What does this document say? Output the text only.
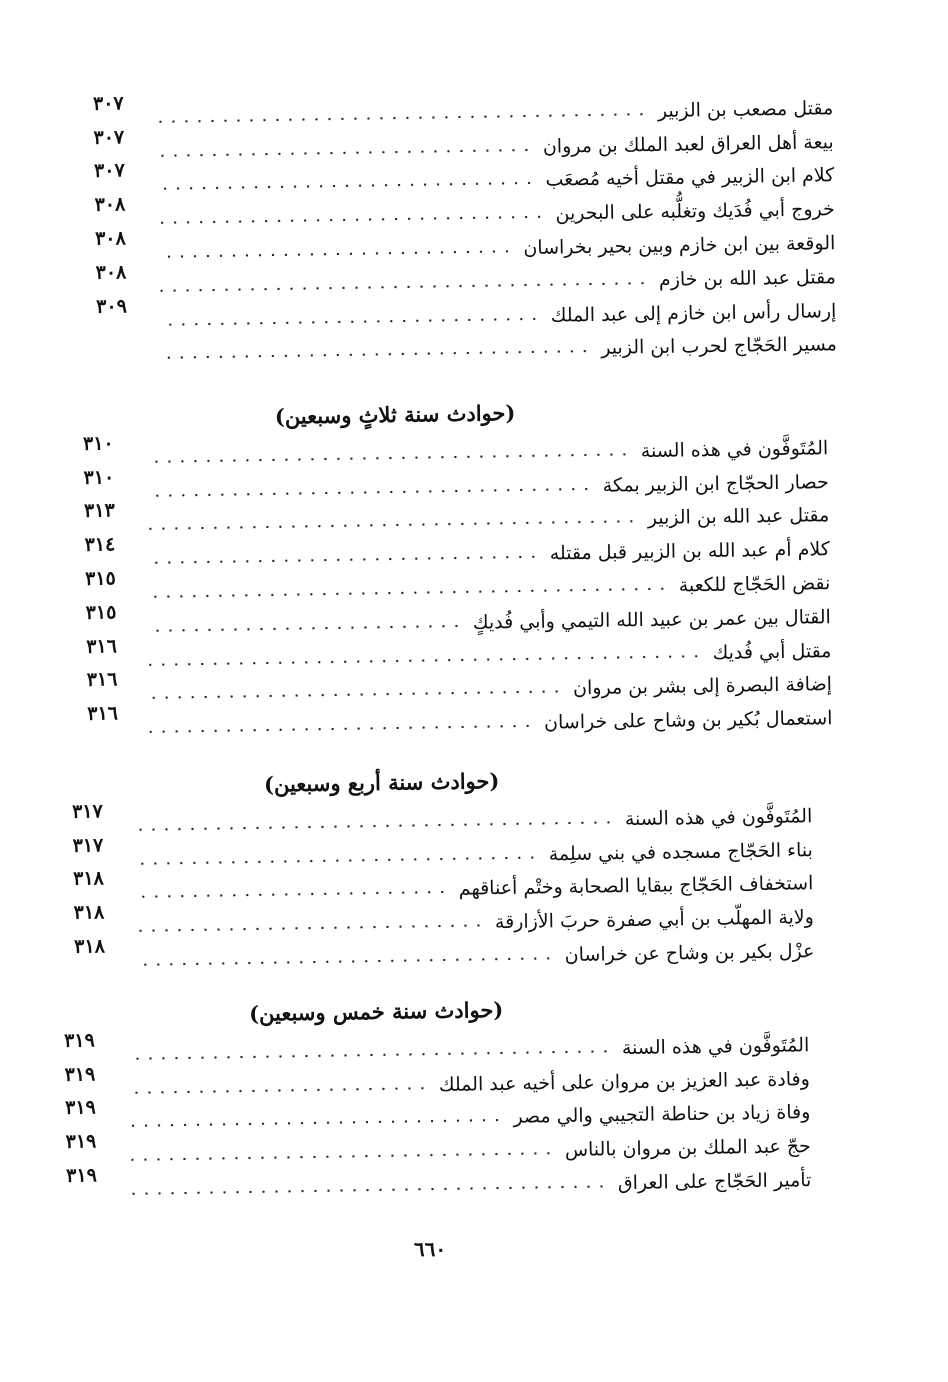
مقتل مصعب بن الزبير
٣٠٧
بيعة أهل العراق لعبد الملك بن مروان
٣٠٧
كلام ابن الزبير في مقتل أخيه مُصعَب
٣٠٧
خروج أبي فُدَيك وتغلُّبه على البحرين
٣٠٨
الوقعة بين ابن خازم وبين بحير بخراسان
٣٠٨
مقتل عبد الله بن خازم
٣٠٨
إرسال رأس ابن خازم إلى عبد الملك
٣٠٩
مسير الحَجّاج لحرب ابن الزبير
(حوادث سنة ثلاثٍ وسبعين)
المُتَوفَّون في هذه السنة
٣١٠
حصار الحجّاج ابن الزبير بمكة
٣١٠
مقتل عبد الله بن الزبير
٣١٣
كلام أم عبد الله بن الزبير قبل مقتله
٣١٤
نقض الحَجّاج للكعبة
٣١٥
القتال بين عمر بن عبيد الله التيمي وأبي فُديكٍ
٣١٥
مقتل أبي فُديك
٣١٦
إضافة البصرة إلى بشر بن مروان
٣١٦
استعمال بُكير بن وشاح على خراسان
٣١٦
(حوادث سنة أربع وسبعين)
المُتَوفَّون في هذه السنة
٣١٧
بناء الحَجّاج مسجده في بني سلِمة
٣١٧
استخفاف الحَجّاج ببقايا الصحابة وختْم أعناقهم
٣١٨
ولاية المهلّب بن أبي صفرة حربَ الأزارقة
٣١٨
عزْل بكير بن وشاح عن خراسان
٣١٨
(حوادث سنة خمس وسبعين)
المُتَوفَّون في هذه السنة
٣١٩
وفادة عبد العزيز بن مروان على أخيه عبد الملك
٣١٩
وفاة زياد بن حناطة التجيبي والي مصر
٣١٩
حجّ عبد الملك بن مروان بالناس
٣١٩
تأمير الحَجّاج على العراق
٣١٩
٦٦٠
